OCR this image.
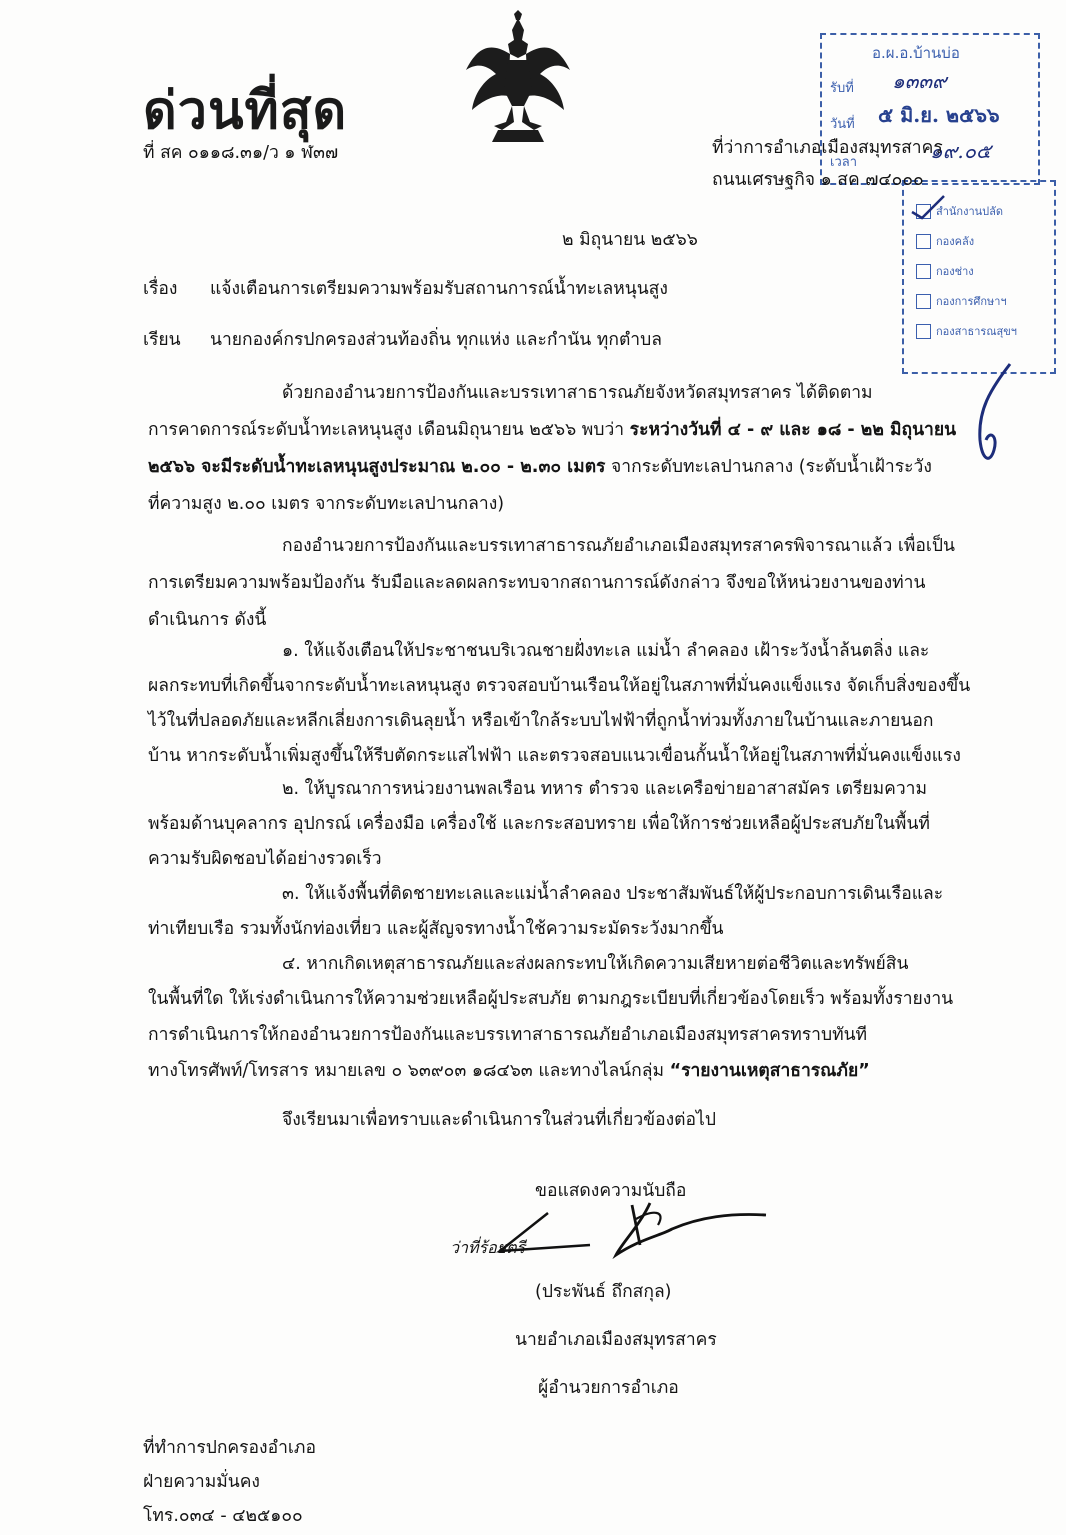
อ.ผ.อ.บ้านบ่อ
รับที่ ๑๓๓๙
วันที่ ๕ มิ.ย. ๒๕๖๖
เวลา	๑๙.๐๕
สำนักงานปลัด
กองคลัง
กองช่าง
กองการศึกษาฯ
กองสาธารณสุขฯ
ด่วนที่สุด
ที่ สค ๐๑๑๘.๓๑/ว ๑ ฬ๓๗	ที่ว่าการอำเภอเมืองสมุทรสาคร
ถนนเศรษฐกิจ ๑ สค ๗๔๐๐๐
๒ มิถุนายน ๒๕๖๖
เรื่อง แจ้งเตือนการเตรียมความพร้อมรับสถานการณ์น้ำทะเลหนุนสูง
เรียน นายกองค์กรปกครองส่วนท้องถิ่น ทุกแห่ง และกำนัน ทุกตำบล
ด้วยกองอำนวยการป้องกันและบรรเทาสาธารณภัยจังหวัดสมุทรสาคร ได้ติดตาม
การคาดการณ์ระดับน้ำทะเลหนุนสูง เดือนมิถุนายน ๒๕๖๖ พบว่า ระหว่างวันที่ ๔ - ๙ และ ๑๘ - ๒๒ มิถุนายน
๒๕๖๖ จะมีระดับน้ำทะเลหนุนสูงประมาณ ๒.๐๐ - ๒.๓๐ เมตร จากระดับทะเลปานกลาง (ระดับน้ำเฝ้าระวัง
ที่ความสูง ๒.๐๐ เมตร จากระดับทะเลปานกลาง)
กองอำนวยการป้องกันและบรรเทาสาธารณภัยอำเภอเมืองสมุทรสาครพิจารณาแล้ว เพื่อเป็น
การเตรียมความพร้อมป้องกัน รับมือและลดผลกระทบจากสถานการณ์ดังกล่าว จึงขอให้หน่วยงานของท่าน
ดำเนินการ ดังนี้
๑. ให้แจ้งเตือนให้ประชาชนบริเวณชายฝั่งทะเล แม่น้ำ ลำคลอง เฝ้าระวังน้ำล้นตลิ่ง และ
ผลกระทบที่เกิดขึ้นจากระดับน้ำทะเลหนุนสูง ตรวจสอบบ้านเรือนให้อยู่ในสภาพที่มั่นคงแข็งแรง จัดเก็บสิ่งของขึ้น
ไว้ในที่ปลอดภัยและหลีกเลี่ยงการเดินลุยน้ำ หรือเข้าใกล้ระบบไฟฟ้าที่ถูกน้ำท่วมทั้งภายในบ้านและภายนอก
บ้าน หากระดับน้ำเพิ่มสูงขึ้นให้รีบตัดกระแสไฟฟ้า และตรวจสอบแนวเขื่อนกั้นน้ำให้อยู่ในสภาพที่มั่นคงแข็งแรง
๒. ให้บูรณาการหน่วยงานพลเรือน ทหาร ตำรวจ และเครือข่ายอาสาสมัคร เตรียมความ
พร้อมด้านบุคลากร อุปกรณ์ เครื่องมือ เครื่องใช้ และกระสอบทราย เพื่อให้การช่วยเหลือผู้ประสบภัยในพื้นที่
ความรับผิดชอบได้อย่างรวดเร็ว
๓. ให้แจ้งพื้นที่ติดชายทะเลและแม่น้ำลำคลอง ประชาสัมพันธ์ให้ผู้ประกอบการเดินเรือและ
ท่าเทียบเรือ รวมทั้งนักท่องเที่ยว และผู้สัญจรทางน้ำใช้ความระมัดระวังมากขึ้น
๔. หากเกิดเหตุสาธารณภัยและส่งผลกระทบให้เกิดความเสียหายต่อชีวิตและทรัพย์สิน
ในพื้นที่ใด ให้เร่งดำเนินการให้ความช่วยเหลือผู้ประสบภัย ตามกฎระเบียบที่เกี่ยวข้องโดยเร็ว พร้อมทั้งรายงาน
การดำเนินการให้กองอำนวยการป้องกันและบรรเทาสาธารณภัยอำเภอเมืองสมุทรสาครทราบทันที
ทางโทรศัพท์/โทรสาร หมายเลข ๐ ๖๓๙๐๓ ๑๘๔๖๓ และทางไลน์กลุ่ม “รายงานเหตุสาธารณภัย”
จึงเรียนมาเพื่อทราบและดำเนินการในส่วนที่เกี่ยวข้องต่อไป
ขอแสดงความนับถือ
ว่าที่ร้อยตรี
(ประพันธ์ ถึกสกุล)
นายอำเภอเมืองสมุทรสาคร
ผู้อำนวยการอำเภอ
ที่ทำการปกครองอำเภอ
ฝ่ายความมั่นคง
โทร.๐๓๔ - ๔๒๕๑๐๐
